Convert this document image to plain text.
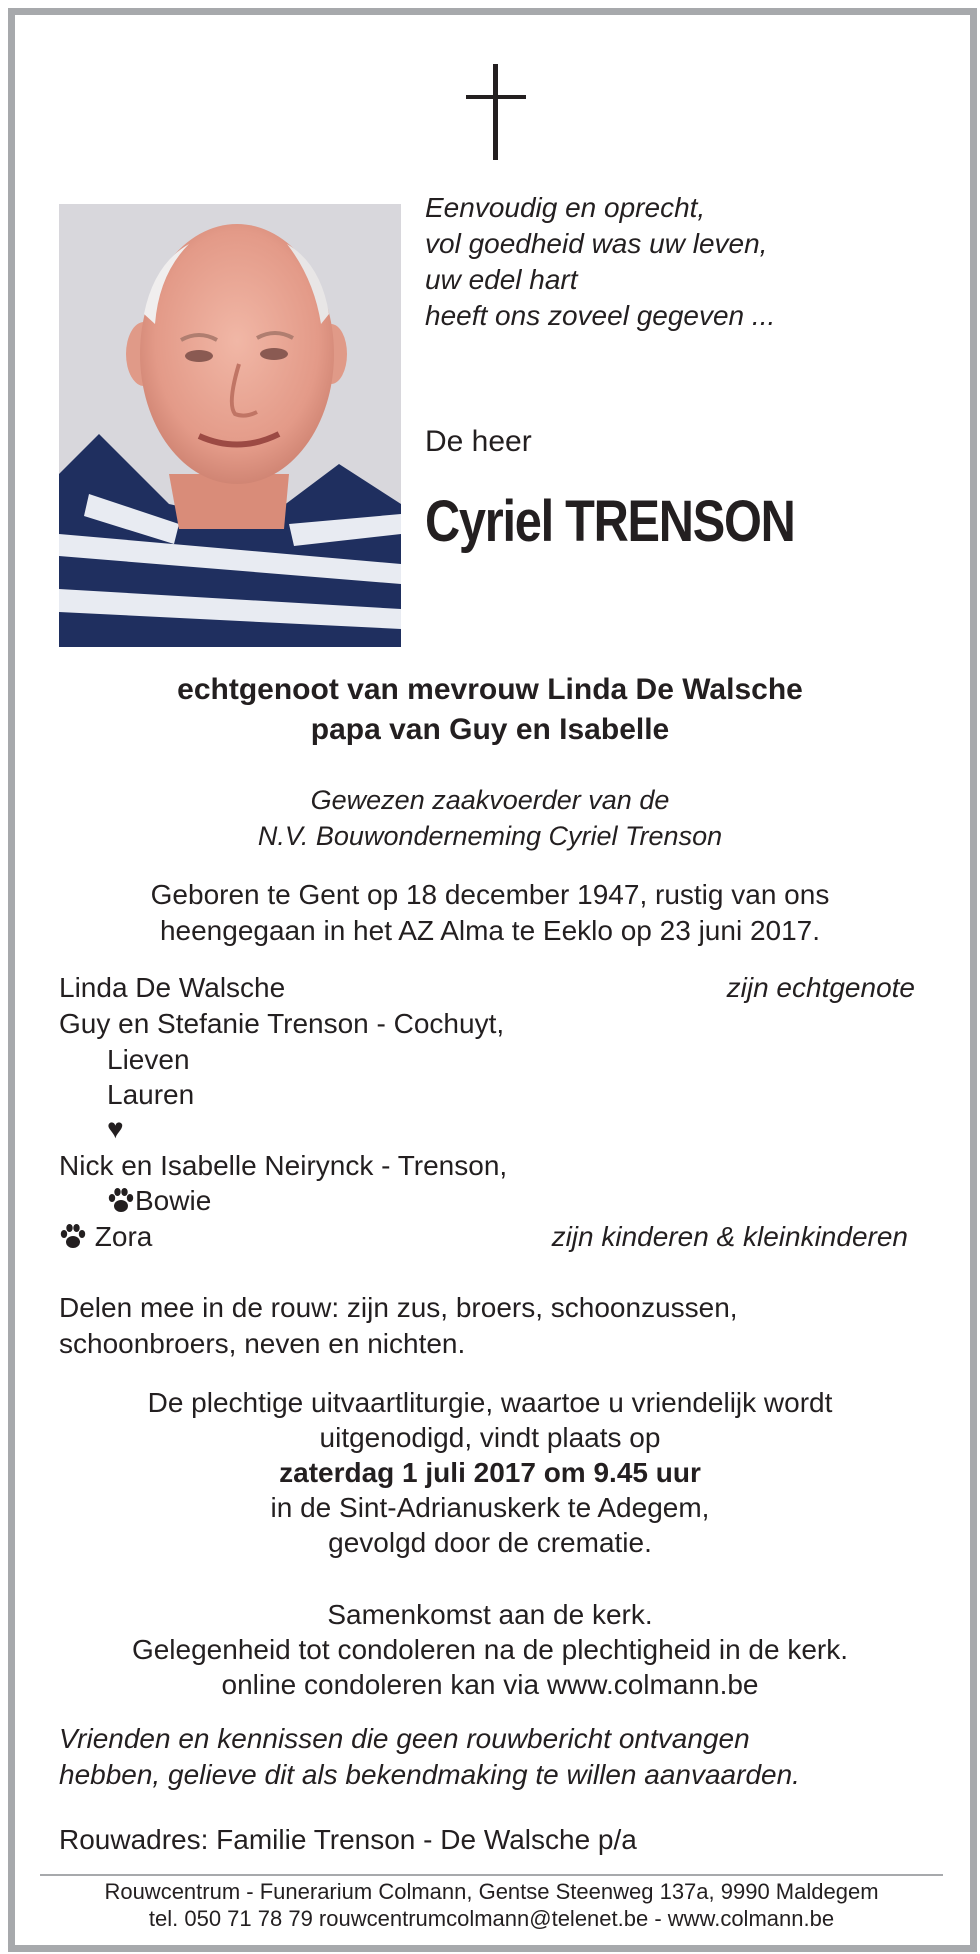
Eenvoudig en oprecht,
vol goedheid was uw leven,
uw edel hart
heeft ons zoveel gegeven ...
De heer
Cyriel TRENSON
echtgenoot van mevrouw Linda De Walsche
papa van Guy en Isabelle
Gewezen zaakvoerder van de
N.V. Bouwonderneming Cyriel Trenson
Geboren te Gent op 18 december 1947, rustig van ons
heengegaan in het AZ Alma te Eeklo op 23 juni 2017.
Linda De Walsche	zijn echtgenote
Guy en Stefanie Trenson - Cochuyt,
Lieven
Lauren
♥
Nick en Isabelle Neirynck - Trenson,
Bowie
Zora	zijn kinderen & kleinkinderen
Delen mee in de rouw: zijn zus, broers, schoonzussen,
schoonbroers, neven en nichten.
De plechtige uitvaartliturgie, waartoe u vriendelijk wordt
uitgenodigd, vindt plaats op
zaterdag 1 juli 2017 om 9.45 uur
in de Sint-Adrianuskerk te Adegem,
gevolgd door de crematie.
Samenkomst aan de kerk.
Gelegenheid tot condoleren na de plechtigheid in de kerk.
online condoleren kan via www.colmann.be
Vrienden en kennissen die geen rouwbericht ontvangen
hebben, gelieve dit als bekendmaking te willen aanvaarden.
Rouwadres: Familie Trenson - De Walsche p/a
Rouwcentrum - Funerarium Colmann, Gentse Steenweg 137a, 9990 Maldegem
tel. 050 71 78 79 rouwcentrumcolmann@telenet.be - www.colmann.be
